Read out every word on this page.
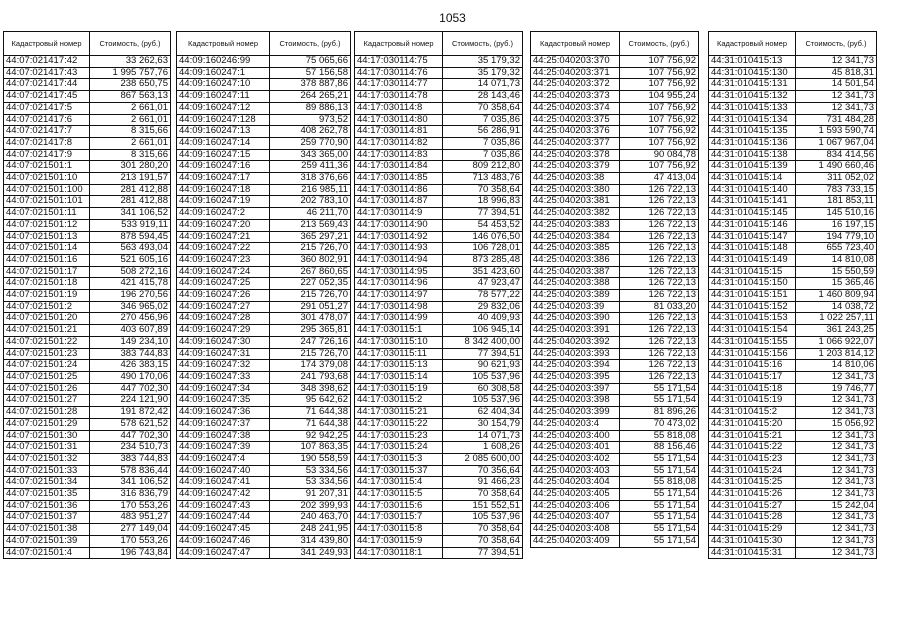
1053
Кадастровый номер	Стоимость, (руб.)
44:07:021417:42	33 262,63
44:07:021417:43	1 995 757,76
44:07:021417:44	238 650,75
44:07:021417:45	867 563,13
44:07:021417:5	2 661,01
44:07:021417:6	2 661,01
44:07:021417:7	8 315,66
44:07:021417:8	2 661,01
44:07:021417:9	8 315,66
44:07:021501:1	301 280,20
44:07:021501:10	213 191,57
44:07:021501:100	281 412,88
44:07:021501:101	281 412,88
44:07:021501:11	341 106,52
44:07:021501:12	533 919,11
44:07:021501:13	878 594,45
44:07:021501:14	563 493,04
44:07:021501:16	521 605,16
44:07:021501:17	508 272,16
44:07:021501:18	421 415,78
44:07:021501:19	196 270,56
44:07:021501:2	346 965,02
44:07:021501:20	270 456,96
44:07:021501:21	403 607,89
44:07:021501:22	149 234,10
44:07:021501:23	383 744,83
44:07:021501:24	426 383,15
44:07:021501:25	490 170,06
44:07:021501:26	447 702,30
44:07:021501:27	224 121,90
44:07:021501:28	191 872,42
44:07:021501:29	578 621,52
44:07:021501:30	447 702,30
44:07:021501:31	234 510,73
44:07:021501:32	383 744,83
44:07:021501:33	578 836,44
44:07:021501:34	341 106,52
44:07:021501:35	316 836,79
44:07:021501:36	170 553,26
44:07:021501:37	483 951,27
44:07:021501:38	277 149,04
44:07:021501:39	170 553,26
44:07:021501:4	196 743,84
Кадастровый номер	Стоимость, (руб.)
44:09:160246:99	75 065,66
44:09:160247:1	57 156,58
44:09:160247:10	378 887,86
44:09:160247:11	264 265,21
44:09:160247:12	89 886,13
44:09:160247:128	973,52
44:09:160247:13	408 262,78
44:09:160247:14	259 770,90
44:09:160247:15	343 365,00
44:09:160247:16	259 411,36
44:09:160247:17	318 376,66
44:09:160247:18	216 985,11
44:09:160247:19	202 783,10
44:09:160247:2	46 211,70
44:09:160247:20	213 569,43
44:09:160247:21	365 297,21
44:09:160247:22	215 726,70
44:09:160247:23	360 802,91
44:09:160247:24	267 860,65
44:09:160247:25	227 052,35
44:09:160247:26	215 726,70
44:09:160247:27	291 051,27
44:09:160247:28	301 478,07
44:09:160247:29	295 365,81
44:09:160247:30	247 726,16
44:09:160247:31	215 726,70
44:09:160247:32	174 379,08
44:09:160247:33	241 793,68
44:09:160247:34	348 398,62
44:09:160247:35	95 642,62
44:09:160247:36	71 644,38
44:09:160247:37	71 644,38
44:09:160247:38	92 942,25
44:09:160247:39	107 863,35
44:09:160247:4	190 558,59
44:09:160247:40	53 334,56
44:09:160247:41	53 334,56
44:09:160247:42	91 207,31
44:09:160247:43	202 399,93
44:09:160247:44	240 463,70
44:09:160247:45	248 241,95
44:09:160247:46	314 439,80
44:09:160247:47	341 249,93
Кадастровый номер	Стоимость, (руб.)
44:17:030114:75	35 179,32
44:17:030114:76	35 179,32
44:17:030114:77	14 071,73
44:17:030114:78	28 143,46
44:17:030114:8	70 358,64
44:17:030114:80	7 035,86
44:17:030114:81	56 286,91
44:17:030114:82	7 035,86
44:17:030114:83	7 035,86
44:17:030114:84	809 212,80
44:17:030114:85	713 483,76
44:17:030114:86	70 358,64
44:17:030114:87	18 996,83
44:17:030114:9	77 394,51
44:17:030114:90	54 453,52
44:17:030114:92	146 076,50
44:17:030114:93	106 728,01
44:17:030114:94	873 285,48
44:17:030114:95	351 423,60
44:17:030114:96	47 923,47
44:17:030114:97	78 577,22
44:17:030114:98	29 832,06
44:17:030114:99	40 409,93
44:17:030115:1	106 945,14
44:17:030115:10	8 342 400,00
44:17:030115:11	77 394,51
44:17:030115:13	90 621,93
44:17:030115:14	105 537,96
44:17:030115:19	60 308,58
44:17:030115:2	105 537,96
44:17:030115:21	62 404,34
44:17:030115:22	30 154,79
44:17:030115:23	14 071,73
44:17:030115:24	1 608,26
44:17:030115:3	2 085 600,00
44:17:030115:37	70 356,64
44:17:030115:4	91 466,23
44:17:030115:5	70 358,64
44:17:030115:6	151 552,51
44:17:030115:7	105 537,96
44:17:030115:8	70 358,64
44:17:030115:9	70 358,64
44:17:030118:1	77 394,51
Кадастровый номер	Стоимость, (руб.)
44:25:040203:370	107 756,92
44:25:040203:371	107 756,92
44:25:040203:372	107 756,92
44:25:040203:373	104 955,24
44:25:040203:374	107 756,92
44:25:040203:375	107 756,92
44:25:040203:376	107 756,92
44:25:040203:377	107 756,92
44:25:040203:378	90 084,78
44:25:040203:379	107 756,92
44:25:040203:38	47 413,04
44:25:040203:380	126 722,13
44:25:040203:381	126 722,13
44:25:040203:382	126 722,13
44:25:040203:383	126 722,13
44:25:040203:384	126 722,13
44:25:040203:385	126 722,13
44:25:040203:386	126 722,13
44:25:040203:387	126 722,13
44:25:040203:388	126 722,13
44:25:040203:389	126 722,13
44:25:040203:39	81 033,20
44:25:040203:390	126 722,13
44:25:040203:391	126 722,13
44:25:040203:392	126 722,13
44:25:040203:393	126 722,13
44:25:040203:394	126 722,13
44:25:040203:395	126 722,13
44:25:040203:397	55 171,54
44:25:040203:398	55 171,54
44:25:040203:399	81 896,26
44:25:040203:4	70 473,02
44:25:040203:400	55 818,08
44:25:040203:401	88 156,46
44:25:040203:402	55 171,54
44:25:040203:403	55 171,54
44:25:040203:404	55 818,08
44:25:040203:405	55 171,54
44:25:040203:406	55 171,54
44:25:040203:407	55 171,54
44:25:040203:408	55 171,54
44:25:040203:409	55 171,54
Кадастровый номер	Стоимость, (руб.)
44:31:010415:13	12 341,73
44:31:010415:130	45 818,31
44:31:010415:131	14 501,54
44:31:010415:132	12 341,73
44:31:010415:133	12 341,73
44:31:010415:134	731 484,28
44:31:010415:135	1 593 590,74
44:31:010415:136	1 067 967,04
44:31:010415:138	834 414,56
44:31:010415:139	1 490 660,46
44:31:010415:14	311 052,02
44:31:010415:140	783 733,15
44:31:010415:141	181 853,11
44:31:010415:145	145 510,16
44:31:010415:146	16 197,15
44:31:010415:147	194 779,10
44:31:010415:148	655 723,40
44:31:010415:149	14 810,08
44:31:010415:15	15 550,59
44:31:010415:150	15 365,46
44:31:010415:151	1 460 809,94
44:31:010415:152	14 038,72
44:31:010415:153	1 022 257,11
44:31:010415:154	361 243,25
44:31:010415:155	1 066 922,07
44:31:010415:156	1 203 814,12
44:31:010415:16	14 810,06
44:31:010415:17	12 341,73
44:31:010415:18	19 746,77
44:31:010415:19	12 341,73
44:31:010415:2	12 341,73
44:31:010415:20	15 056,92
44:31:010415:21	12 341,73
44:31:010415:22	12 341,73
44:31:010415:23	12 341,73
44:31:010415:24	12 341,73
44:31:010415:25	12 341,73
44:31:010415:26	12 341,73
44:31:010415:27	15 242,04
44:31:010415:28	12 341,73
44:31:010415:29	12 341,73
44:31:010415:30	12 341,73
44:31:010415:31	12 341,73
